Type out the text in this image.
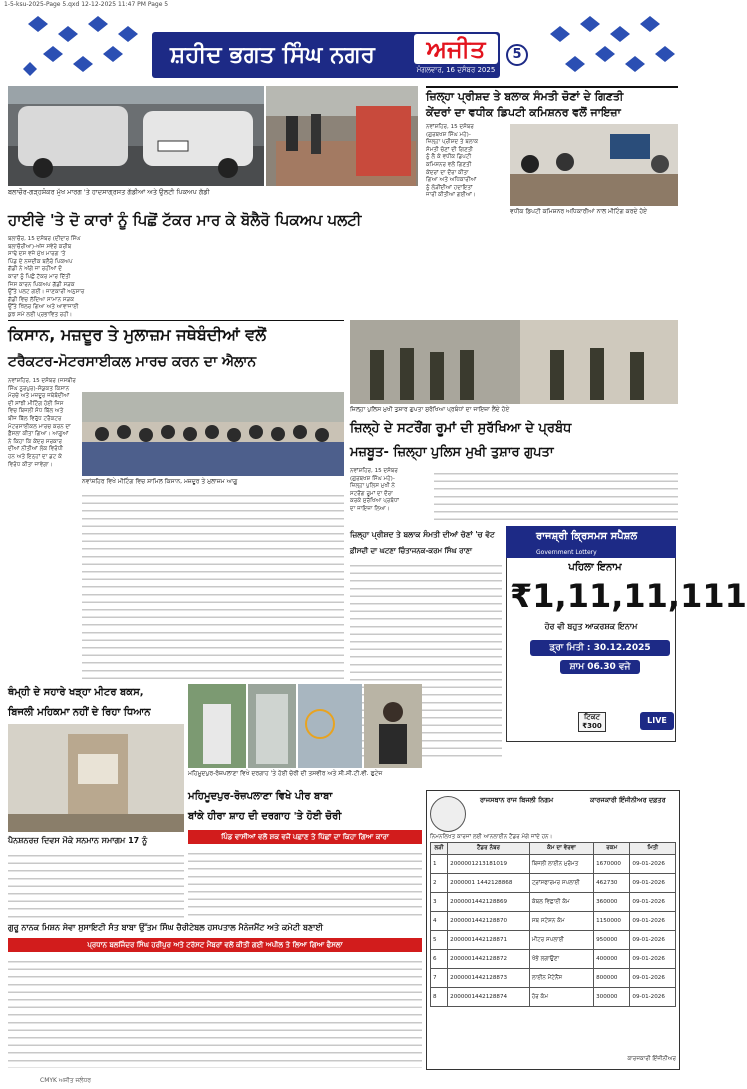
1-5-ksu-2025-Page 5.qxd 12-12-2025 11:47 PM Page 5
ਸ਼ਹੀਦ ਭਗਤ ਸਿੰਘ ਨਗਰ	ਅਜੀਤ
ਮੰਗਲਵਾਰ, 16 ਦਸੰਬਰ 2025
5
ਬਲਾਚੌਰ-ਗੜ੍ਹਸ਼ੰਕਰ ਮੁੱਖ ਮਾਰਗ 'ਤੇ ਹਾਦਸਾਗ੍ਰਸਤ ਗੱਡੀਆਂ ਅਤੇ ਉਲਟੀ ਪਿਕਅਪ ਗੱਡੀ
ਹਾਈਵੇ 'ਤੇ ਦੋ ਕਾਰਾਂ ਨੂੰ ਪਿਛੋਂ ਟੱਕਰ ਮਾਰ ਕੇ ਬੋਲੈਰੋ ਪਿਕਅਪ ਪਲਟੀ
ਬਲਾਚੌਰ, 15 ਦਸੰਬਰ (ਦੀਦਾਰ ਸਿੰਘ
ਬਲਾਚੌਰੀਆ)-ਅੱਜ ਸਵੇਰੇ ਕਰੀਬ
ਸਾਢੇ ਦਸ ਵਜੇ ਮੁੱਖ ਮਾਰਗ 'ਤੇ
ਪਿੰਡ ਦੇ ਨਜ਼ਦੀਕ ਬਲੈਰੋ ਪਿਕਅਪ
ਗੱਡੀ ਨੇ ਅੱਗੇ ਜਾ ਰਹੀਆਂ ਦੋ
ਕਾਰਾਂ ਨੂੰ ਪਿਛੋਂ ਟੱਕਰ ਮਾਰ ਦਿੱਤੀ
ਜਿਸ ਕਾਰਨ ਪਿਕਅਪ ਗੱਡੀ ਸੜਕ
ਉੱਤੇ ਪਲਟ ਗਈ। ਜਾਣਕਾਰੀ ਅਨੁਸਾਰ
ਗੱਡੀ ਵਿਚ ਲੱਦਿਆ ਸਾਮਾਨ ਸੜਕ
ਉੱਤੇ ਖਿੱਲਰ ਗਿਆ ਅਤੇ ਆਵਾਜਾਈ
ਕੁਝ ਸਮੇਂ ਲਈ ਪ੍ਰਭਾਵਿਤ ਰਹੀ।
ਜ਼ਿਲ੍ਹਾ ਪ੍ਰੀਸ਼ਦ ਤੇ ਬਲਾਕ ਸੰਮਤੀ ਚੋਣਾਂ ਦੇ ਗਿਣਤੀ
ਕੇਂਦਰਾਂ ਦਾ ਵਧੀਕ ਡਿਪਟੀ ਕਮਿਸ਼ਨਰ ਵਲੋਂ ਜਾਇਜ਼ਾ
ਨਵਾਂਸ਼ਹਿਰ, 15 ਦਸੰਬਰ
(ਗੁਰਬਖਸ਼ ਸਿੰਘ ਮਹੇ)-
ਜ਼ਿਲ੍ਹਾ ਪ੍ਰੀਸ਼ਦ ਤੇ ਬਲਾਕ
ਸੰਮਤੀ ਚੋਣਾਂ ਦੀ ਗਿਣਤੀ
ਨੂੰ ਲੈ ਕੇ ਵਧੀਕ ਡਿਪਟੀ
ਕਮਿਸ਼ਨਰ ਵਲੋਂ ਗਿਣਤੀ
ਕੇਂਦਰਾਂ ਦਾ ਦੌਰਾ ਕੀਤਾ
ਗਿਆ ਅਤੇ ਅਧਿਕਾਰੀਆਂ
ਨੂੰ ਲੋੜੀਂਦੀਆਂ ਹਦਾਇਤਾਂ
ਜਾਰੀ ਕੀਤੀਆਂ ਗਈਆਂ।
ਵਧੀਕ ਡਿਪਟੀ ਕਮਿਸ਼ਨਰ ਅਧਿਕਾਰੀਆਂ ਨਾਲ ਮੀਟਿੰਗ ਕਰਦੇ ਹੋਏ
ਕਿਸਾਨ, ਮਜ਼ਦੂਰ ਤੇ ਮੁਲਾਜ਼ਮ ਜਥੇਬੰਦੀਆਂ ਵਲੋਂ
ਟਰੈਕਟਰ-ਮੋਟਰਸਾਈਕਲ ਮਾਰਚ ਕਰਨ ਦਾ ਐਲਾਨ
ਨਵਾਂਸ਼ਹਿਰ, 15 ਦਸੰਬਰ (ਜਸਬੀਰ
ਸਿੰਘ ਨੂਰਪੁਰ)-ਸੰਯੁਕਤ ਕਿਸਾਨ
ਮੋਰਚੇ ਅਤੇ ਮਜ਼ਦੂਰ ਜਥੇਬੰਦੀਆਂ
ਦੀ ਸਾਂਝੀ ਮੀਟਿੰਗ ਹੋਈ ਜਿਸ
ਵਿਚ ਬਿਜਲੀ ਸੋਧ ਬਿੱਲ ਅਤੇ
ਬੀਜ ਬਿੱਲ ਵਿਰੁੱਧ ਟਰੈਕਟਰ
ਮੋਟਰਸਾਈਕਲ ਮਾਰਚ ਕਰਨ ਦਾ
ਫ਼ੈਸਲਾ ਕੀਤਾ ਗਿਆ। ਆਗੂਆਂ
ਨੇ ਕਿਹਾ ਕਿ ਕੇਂਦਰ ਸਰਕਾਰ
ਦੀਆਂ ਨੀਤੀਆਂ ਲੋਕ ਵਿਰੋਧੀ
ਹਨ ਅਤੇ ਇਨ੍ਹਾਂ ਦਾ ਡਟ ਕੇ
ਵਿਰੋਧ ਕੀਤਾ ਜਾਵੇਗਾ।
ਨਵਾਂਸ਼ਹਿਰ ਵਿਖੇ ਮੀਟਿੰਗ ਵਿਚ ਸ਼ਾਮਿਲ ਕਿਸਾਨ, ਮਜ਼ਦੂਰ ਤੇ ਮੁਲਾਜ਼ਮ ਆਗੂ
ਜ਼ਿਲ੍ਹਾ ਪੁਲਿਸ ਮੁਖੀ ਤੁਸ਼ਾਰ ਗੁਪਤਾ ਸੁਰੱਖਿਆ ਪ੍ਰਬੰਧਾਂ ਦਾ ਜਾਇਜ਼ਾ ਲੈਂਦੇ ਹੋਏ
ਜ਼ਿਲ੍ਹੇ ਦੇ ਸਟਰੌਂਗ ਰੂਮਾਂ ਦੀ ਸੁਰੱਖਿਆ ਦੇ ਪ੍ਰਬੰਧ
ਮਜ਼ਬੂਤ- ਜ਼ਿਲ੍ਹਾ ਪੁਲਿਸ ਮੁਖੀ ਤੁਸ਼ਾਰ ਗੁਪਤਾ
ਨਵਾਂਸ਼ਹਿਰ, 15 ਦਸੰਬਰ
(ਗੁਰਬਖਸ਼ ਸਿੰਘ ਮਹੇ)-
ਜ਼ਿਲ੍ਹਾ ਪੁਲਿਸ ਮੁਖੀ ਨੇ
ਸਟਰੌਂਗ ਰੂਮਾਂ ਦਾ ਦੌਰਾ
ਕਰਕੇ ਸੁਰੱਖਿਆ ਪ੍ਰਬੰਧਾਂ
ਦਾ ਜਾਇਜ਼ਾ ਲਿਆ।
ਜ਼ਿਲ੍ਹਾ ਪ੍ਰੀਸ਼ਦ ਤੇ ਬਲਾਕ ਸੰਮਤੀ ਦੀਆਂ ਚੋਣਾਂ 'ਚ ਵੋਟ
ਫ਼ੀਸਦੀ ਦਾ ਘਟਣਾ ਚਿੰਤਾਜਨਕ-ਕਰਮ ਸਿੰਘ ਰਾਣਾ
ਰਾਜਸ਼੍ਰੀ ਕ੍ਰਿਸਮਸ ਸਪੈਸ਼ਲ
Government Lottery
ਪਹਿਲਾ ਇਨਾਮ
₹1,11,11,111
ਹੋਰ ਵੀ ਬਹੁਤ ਆਕਰਸ਼ਕ ਇਨਾਮ
ਡ੍ਰਾ ਮਿਤੀ : 30.12.2025
ਸ਼ਾਮ 06.30 ਵਜੇ
ਟਿਕਟ
₹300
LIVE
ਥੰਮ੍ਹੀ ਦੇ ਸਹਾਰੇ ਖੜ੍ਹਾ ਮੀਟਰ ਬਕਸ,
ਬਿਜਲੀ ਮਹਿਕਮਾ ਨਹੀਂ ਦੇ ਰਿਹਾ ਧਿਆਨ
ਪੈਨਸ਼ਨਰਜ਼ ਦਿਵਸ ਮੌਕੇ ਸਨਮਾਨ ਸਮਾਗਮ 17 ਨੂੰ
ਮਹਿਮੂਦਪੁਰ-ਰੋਜ਼ਪਲਾਣਾ ਵਿਖੇ ਦਰਗਾਹ 'ਤੇ ਹੋਈ ਚੋਰੀ ਦੀ ਤਸਵੀਰ ਅਤੇ ਸੀ.ਸੀ.ਟੀ.ਵੀ. ਫੁਟੇਜ
ਮਹਿਮੂਦਪੁਰ-ਰੋਜ਼ਪਲਾਣਾ ਵਿਖੇ ਪੀਰ ਬਾਬਾ
ਬਾਂਕੇ ਹੀਰਾ ਸ਼ਾਹ ਦੀ ਦਰਗਾਹ 'ਤੇ ਹੋਈ ਚੋਰੀ
ਪਿੰਡ ਵਾਸੀਆਂ ਵਲੋਂ ਸ਼ਕ ਵਜੋਂ ਪਛਾਣ ਤੇ ਪਿੱਛਾਂ ਦਾ ਕਿਹਾ ਗਿਆ ਕਾਰਾ
ਗੁਰੂ ਨਾਨਕ ਮਿਸ਼ਨ ਸੇਵਾ ਸੁਸਾਇਟੀ ਸੰਤ ਬਾਬਾ ਉੱਤਮ ਸਿੰਘ ਚੈਰੀਟੇਬਲ ਹਸਪਤਾਲ ਮੈਨੇਜਮੈਂਟ ਅਤੇ ਕਮੇਟੀ ਬਣਾਈ
ਪ੍ਰਧਾਨ ਬਲਜਿੰਦਰ ਸਿੰਘ ਹਰੀਪੁਰ ਅਤੇ ਟਰੱਸਟ ਮੈਂਬਰਾਂ ਵਲੋਂ ਕੀਤੀ ਗਈ ਅਪੀਲ ਤੇ ਲਿਆ ਗਿਆ ਫੈਸਲਾ
ਰਾਜਸਥਾਨ ਰਾਜ ਬਿਜਲੀ ਨਿਗਮ	ਕਾਰਜਕਾਰੀ ਇੰਜੀਨੀਅਰ ਦਫ਼ਤਰ
ਨਿਮਨਲਿਖਤ ਕਾਰਜਾਂ ਲਈ ਆਨਲਾਈਨ ਟੈਂਡਰ ਮੰਗੇ ਜਾਂਦੇ ਹਨ।
ਲੜੀ	ਟੈਂਡਰ ਨੰਬਰ	ਕੰਮ ਦਾ ਵੇਰਵਾ	ਰਕਮ	ਮਿਤੀ
1	2000001213181019	ਬਿਜਲੀ ਲਾਈਨ ਮੁਰੰਮਤ	1670000	09-01-2026
2	2000001 1442128868	ਟ੍ਰਾਂਸਫਾਰਮਰ ਸਪਲਾਈ	462730	09-01-2026
3	2000001442128869	ਕੇਬਲ ਵਿਛਾਈ ਕੰਮ	360000	09-01-2026
4	2000001442128870	ਸਬ ਸਟੇਸ਼ਨ ਕੰਮ	1150000	09-01-2026
5	2000001442128871	ਮੀਟਰ ਸਪਲਾਈ	950000	09-01-2026
6	2000001442128872	ਖੰਭੇ ਲਗਾਉਣਾ	400000	09-01-2026
7	2000001442128873	ਲਾਈਨ ਮੈਂਟੇਨੈਂਸ	800000	09-01-2026
8	2000001442128874	ਹੋਰ ਕੰਮ	300000	09-01-2026
ਕਾਰਜਕਾਰੀ ਇੰਜੀਨੀਅਰ
CMYK ਅਜੀਤ ਜਲੰਧਰ
